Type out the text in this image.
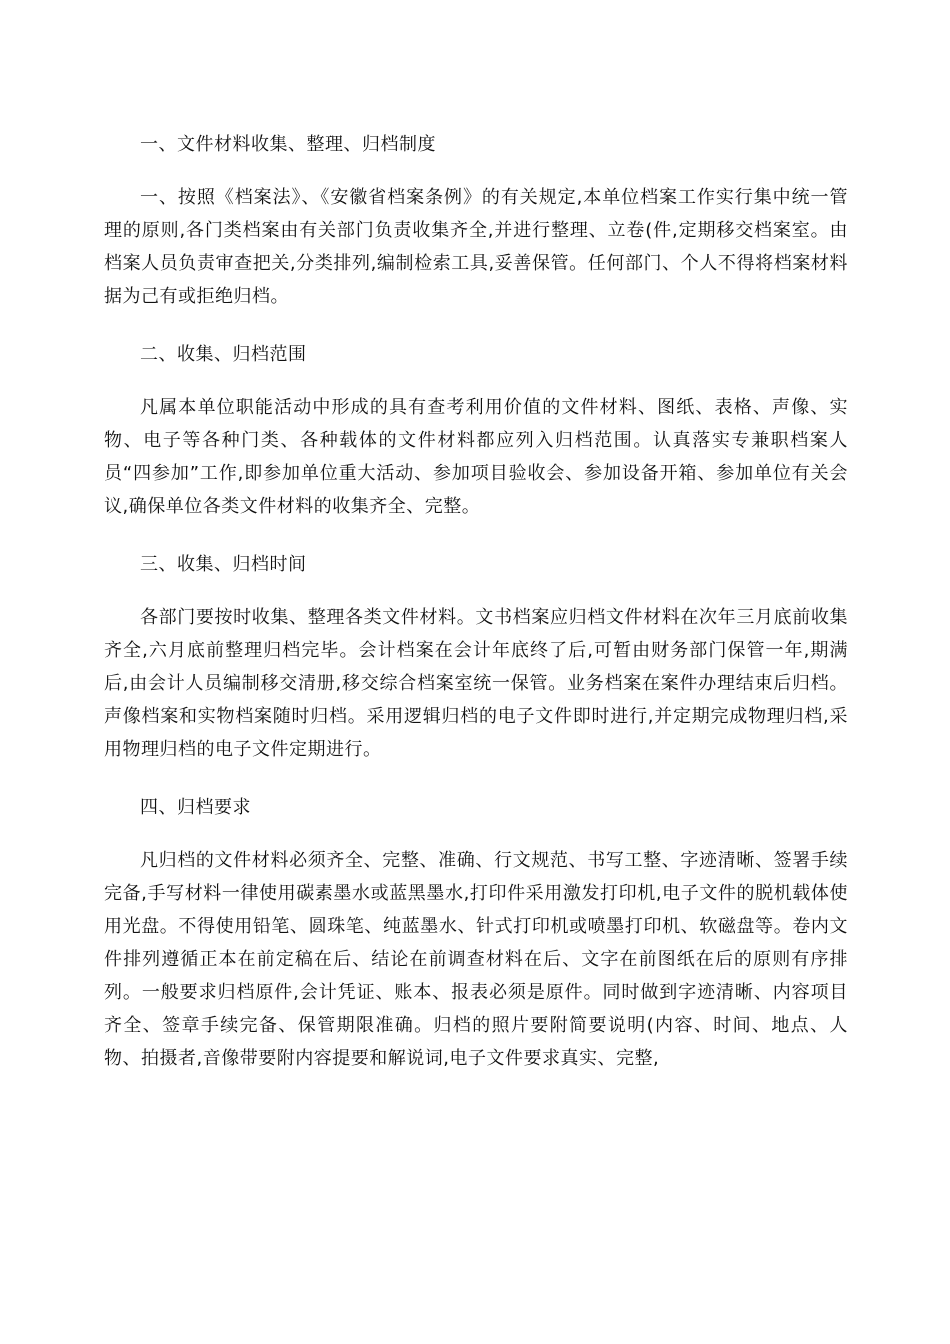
一、文件材料收集、整理、归档制度

一、按照《档案法》、《安徽省档案条例》的有关规定,本单位档案工作实行集中统一管理的原则,各门类档案由有关部门负责收集齐全,并进行整理、立卷(件,定期移交档案室。由档案人员负责审查把关,分类排列,编制检索工具,妥善保管。任何部门、个人不得将档案材料据为己有或拒绝归档。

二、收集、归档范围

凡属本单位职能活动中形成的具有查考利用价值的文件材料、图纸、表格、声像、实物、电子等各种门类、各种载体的文件材料都应列入归档范围。认真落实专兼职档案人员“四参加”工作,即参加单位重大活动、参加项目验收会、参加设备开箱、参加单位有关会议,确保单位各类文件材料的收集齐全、完整。

三、收集、归档时间

各部门要按时收集、整理各类文件材料。文书档案应归档文件材料在次年三月底前收集齐全,六月底前整理归档完毕。会计档案在会计年底终了后,可暂由财务部门保管一年,期满后,由会计人员编制移交清册,移交综合档案室统一保管。业务档案在案件办理结束后归档。声像档案和实物档案随时归档。采用逻辑归档的电子文件即时进行,并定期完成物理归档,采用物理归档的电子文件定期进行。

四、归档要求

凡归档的文件材料必须齐全、完整、准确、行文规范、书写工整、字迹清晰、签署手续完备,手写材料一律使用碳素墨水或蓝黑墨水,打印件采用激发打印机,电子文件的脱机载体使用光盘。不得使用铅笔、圆珠笔、纯蓝墨水、针式打印机或喷墨打印机、软磁盘等。卷内文件排列遵循正本在前定稿在后、结论在前调查材料在后、文字在前图纸在后的原则有序排列。一般要求归档原件,会计凭证、账本、报表必须是原件。同时做到字迹清晰、内容项目齐全、签章手续完备、保管期限准确。归档的照片要附简要说明(内容、时间、地点、人物、拍摄者,音像带要附内容提要和解说词,电子文件要求真实、完整,
